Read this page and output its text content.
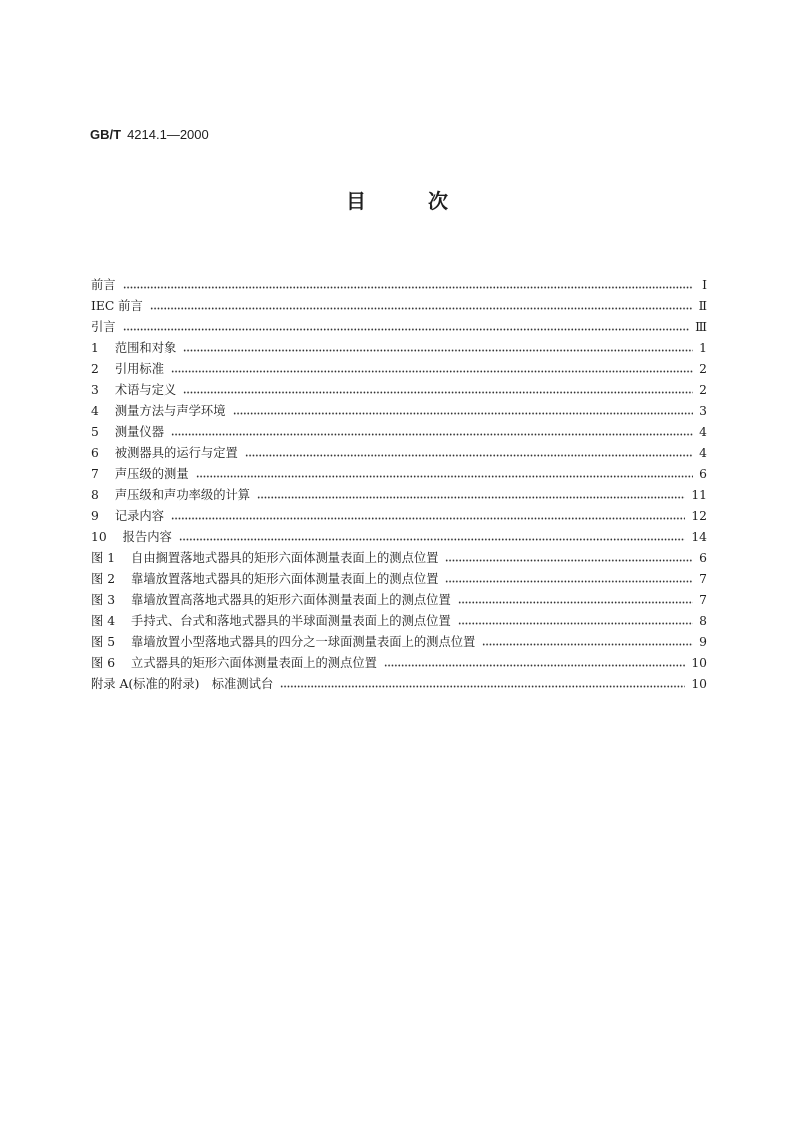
GB/T 4214.1—2000
目	次
前言	I
IEC 前言	Ⅱ
引言	Ⅲ
1 范围和对象	1
2 引用标准	2
3 术语与定义	2
4 测量方法与声学环境	3
5 测量仪器	4
6 被测器具的运行与定置	4
7 声压级的测量	6
8 声压级和声功率级的计算	11
9 记录内容	12
10 报告内容	14
图 1 自由搁置落地式器具的矩形六面体测量表面上的测点位置	6
图 2 靠墙放置落地式器具的矩形六面体测量表面上的测点位置	7
图 3 靠墙放置高落地式器具的矩形六面体测量表面上的测点位置	7
图 4 手持式、台式和落地式器具的半球面测量表面上的测点位置	8
图 5 靠墙放置小型落地式器具的四分之一球面测量表面上的测点位置	9
图 6 立式器具的矩形六面体测量表面上的测点位置	10
附录 A(标准的附录)　标准测试台	10
